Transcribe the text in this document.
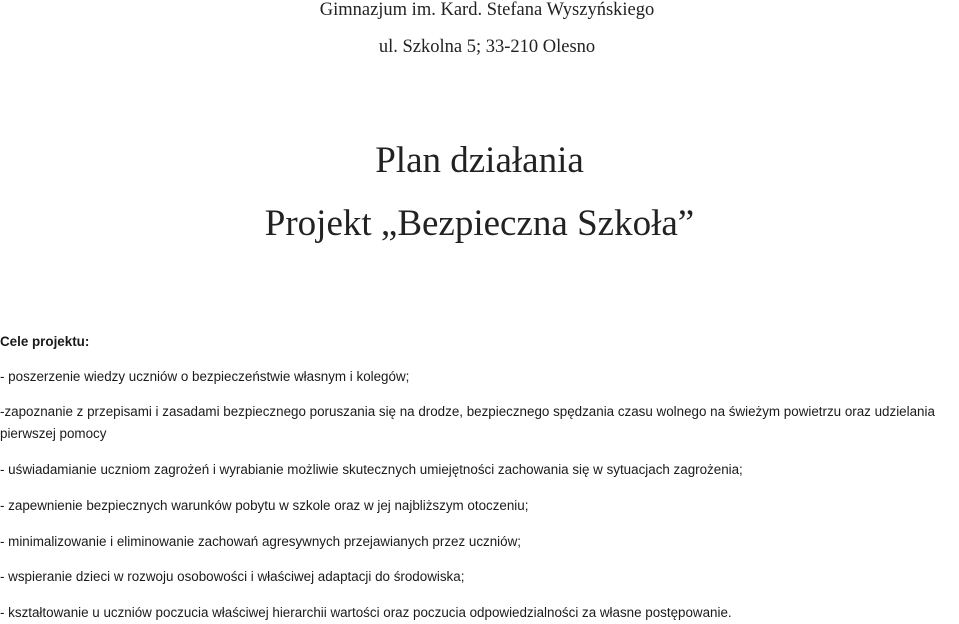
Gimnazjum im. Kard. Stefana Wyszyńskiego
ul. Szkolna 5; 33-210 Olesno
Plan działania
Projekt „Bezpieczna Szkoła”
Cele projektu:
- poszerzenie wiedzy uczniów o bezpieczeństwie własnym i kolegów;
-zapoznanie z przepisami i zasadami bezpiecznego poruszania się na drodze, bezpiecznego spędzania czasu wolnego na świeżym powietrzu oraz udzielania
pierwszej pomocy
- uświadamianie uczniom zagrożeń i wyrabianie możliwie skutecznych umiejętności zachowania się w sytuacjach zagrożenia;
- zapewnienie bezpiecznych warunków pobytu w szkole oraz w jej najbliższym otoczeniu;
- minimalizowanie i eliminowanie zachowań agresywnych przejawianych przez uczniów;
- wspieranie dzieci w rozwoju osobowości i właściwej adaptacji do środowiska;
- kształtowanie u uczniów poczucia właściwej hierarchii wartości oraz poczucia odpowiedzialności za własne postępowanie.
